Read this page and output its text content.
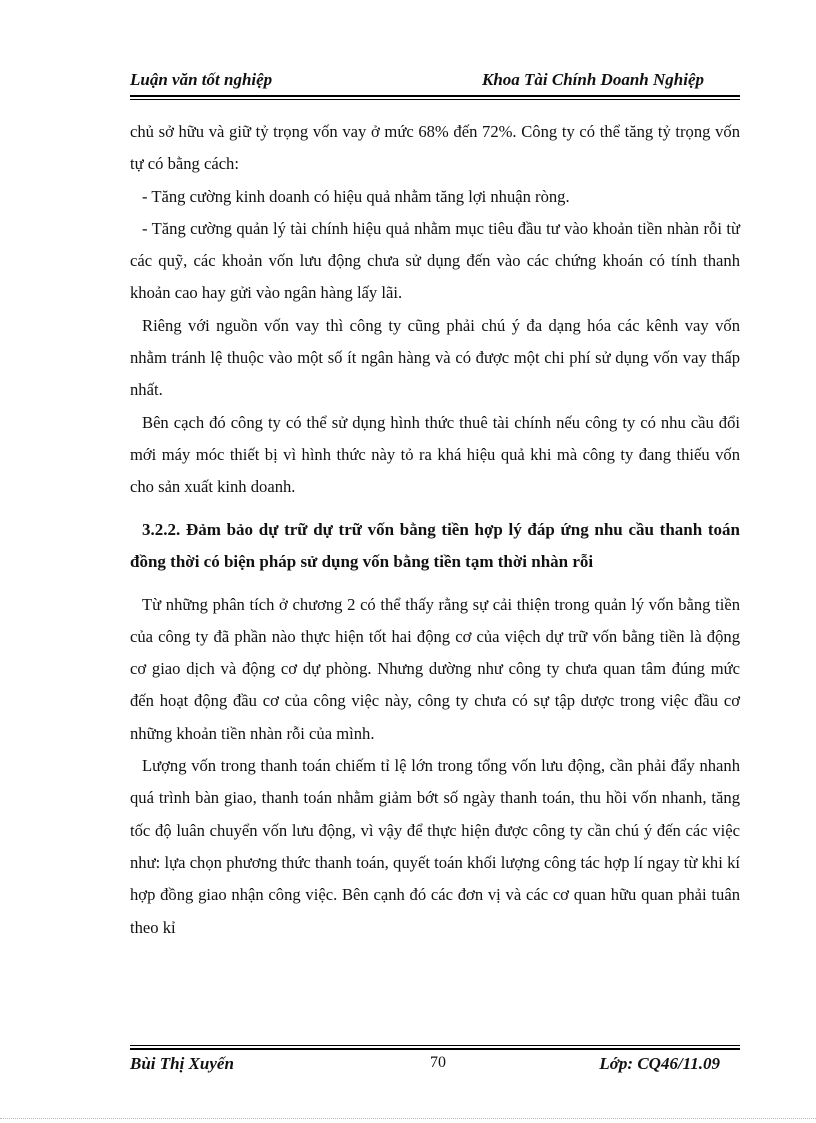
Luận văn tốt nghiệp	Khoa Tài Chính Doanh Nghiệp

chủ sở hữu và giữ tỷ trọng vốn vay ở mức 68% đến 72%. Công ty có thể tăng tỷ trọng vốn tự có bằng cách:

- Tăng cường kinh doanh có hiệu quả nhằm tăng lợi nhuận ròng.

- Tăng cường quản lý tài chính hiệu quả nhằm mục tiêu đầu tư vào khoản tiền nhàn rỗi từ các quỹ, các khoản vốn lưu động chưa sử dụng đến vào các chứng khoán có tính thanh khoản cao hay gửi vào ngân hàng lấy lãi.

Riêng với nguồn vốn vay thì công ty cũng phải chú ý đa dạng hóa các kênh vay vốn nhằm tránh lệ thuộc vào một số ít ngân hàng và có được một chi phí sử dụng vốn vay thấp nhất.

Bên cạch đó công ty có thể sử dụng hình thức thuê tài chính nếu công ty có nhu cầu đổi mới máy móc thiết bị vì hình thức này tỏ ra khá hiệu quả khi mà công ty đang thiếu vốn cho sản xuất kinh doanh.

3.2.2. Đảm bảo dự trữ dự trữ vốn bằng tiền hợp lý đáp ứng nhu cầu thanh toán đồng thời có biện pháp sử dụng vốn bằng tiền tạm thời nhàn rỗi

Từ những phân tích ở chương 2 có thể thấy rằng sự cải thiện trong quản lý vốn bằng tiền của công ty đã phần nào thực hiện tốt hai động cơ của việch dự trữ vốn bằng tiền là động cơ giao dịch và động cơ dự phòng. Nhưng dường như công ty chưa quan tâm đúng mức đến hoạt động đầu cơ của công việc này, công ty chưa có sự tập dược trong việc đầu cơ những khoản tiền nhàn rỗi của mình.

Lượng vốn trong thanh toán chiếm tỉ lệ lớn trong tổng vốn lưu động, cần phải đẩy nhanh quá trình bàn giao, thanh toán nhằm giảm bớt số ngày thanh toán, thu hồi vốn nhanh, tăng tốc độ luân chuyển vốn lưu động, vì vậy để thực hiện được công ty cần chú ý đến các việc như: lựa chọn phương thức thanh toán, quyết toán khối lượng công tác hợp lí ngay từ khi kí hợp đồng giao nhận công việc. Bên cạnh đó các đơn vị và các cơ quan hữu quan phải tuân theo kỉ

Bùi Thị Xuyến	70	Lớp: CQ46/11.09
